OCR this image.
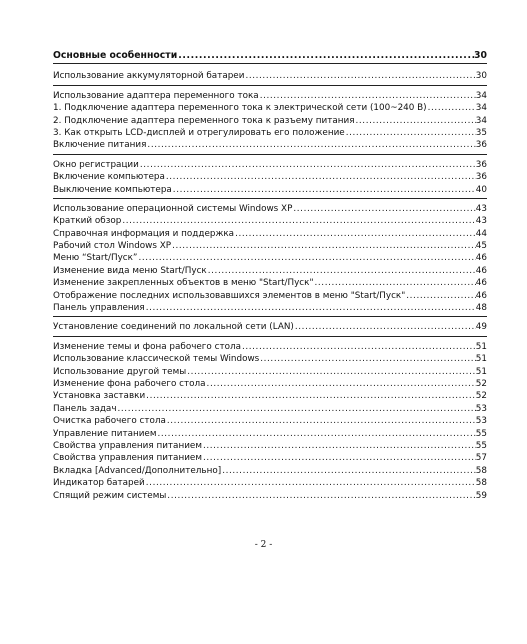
Основные особенности .....	30
Использование аккумуляторной батареи .....	30
Использование адаптера переменного тока .....	34
1. Подключение адаптера переменного тока к электрической сети (100~240 В) .....	34
2. Подключение адаптера переменного тока к разъему питания .....	34
3. Как открыть LCD-дисплей и отрегулировать его положение .....	35
Включение питания .....	36
Окно регистрации .....	36
Включение компьютера .....	36
Выключение компьютера .....	40
Использование операционной системы Windows XP .....	43
Краткий обзор .....	43
Справочная информация и поддержка .....	44
Рабочий стол Windows XP .....	45
Меню “Start/Пуск” .....	46
Изменение вида меню Start/Пуск .....	46
Изменение закрепленных объектов в меню "Start/Пуск" .....	46
Отображение последних использовавшихся элементов в меню "Start/Пуск" .....	46
Панель управления .....	48
Установление соединений по локальной сети (LAN) .....	49
Изменение темы и фона рабочего стола .....	51
Использование классической темы Windows .....	51
Использование другой темы .....	51
Изменение фона рабочего стола .....	52
Установка заставки .....	52
Панель задач .....	53
Очистка рабочего стола .....	53
Управление питанием .....	55
Свойства управления питанием .....	55
Свойства управления питанием .....	57
Вкладка [Advanced/Дополнительно] .....	58
Индикатор батарей .....	58
Спящий режим системы .....	59
- 2 -
